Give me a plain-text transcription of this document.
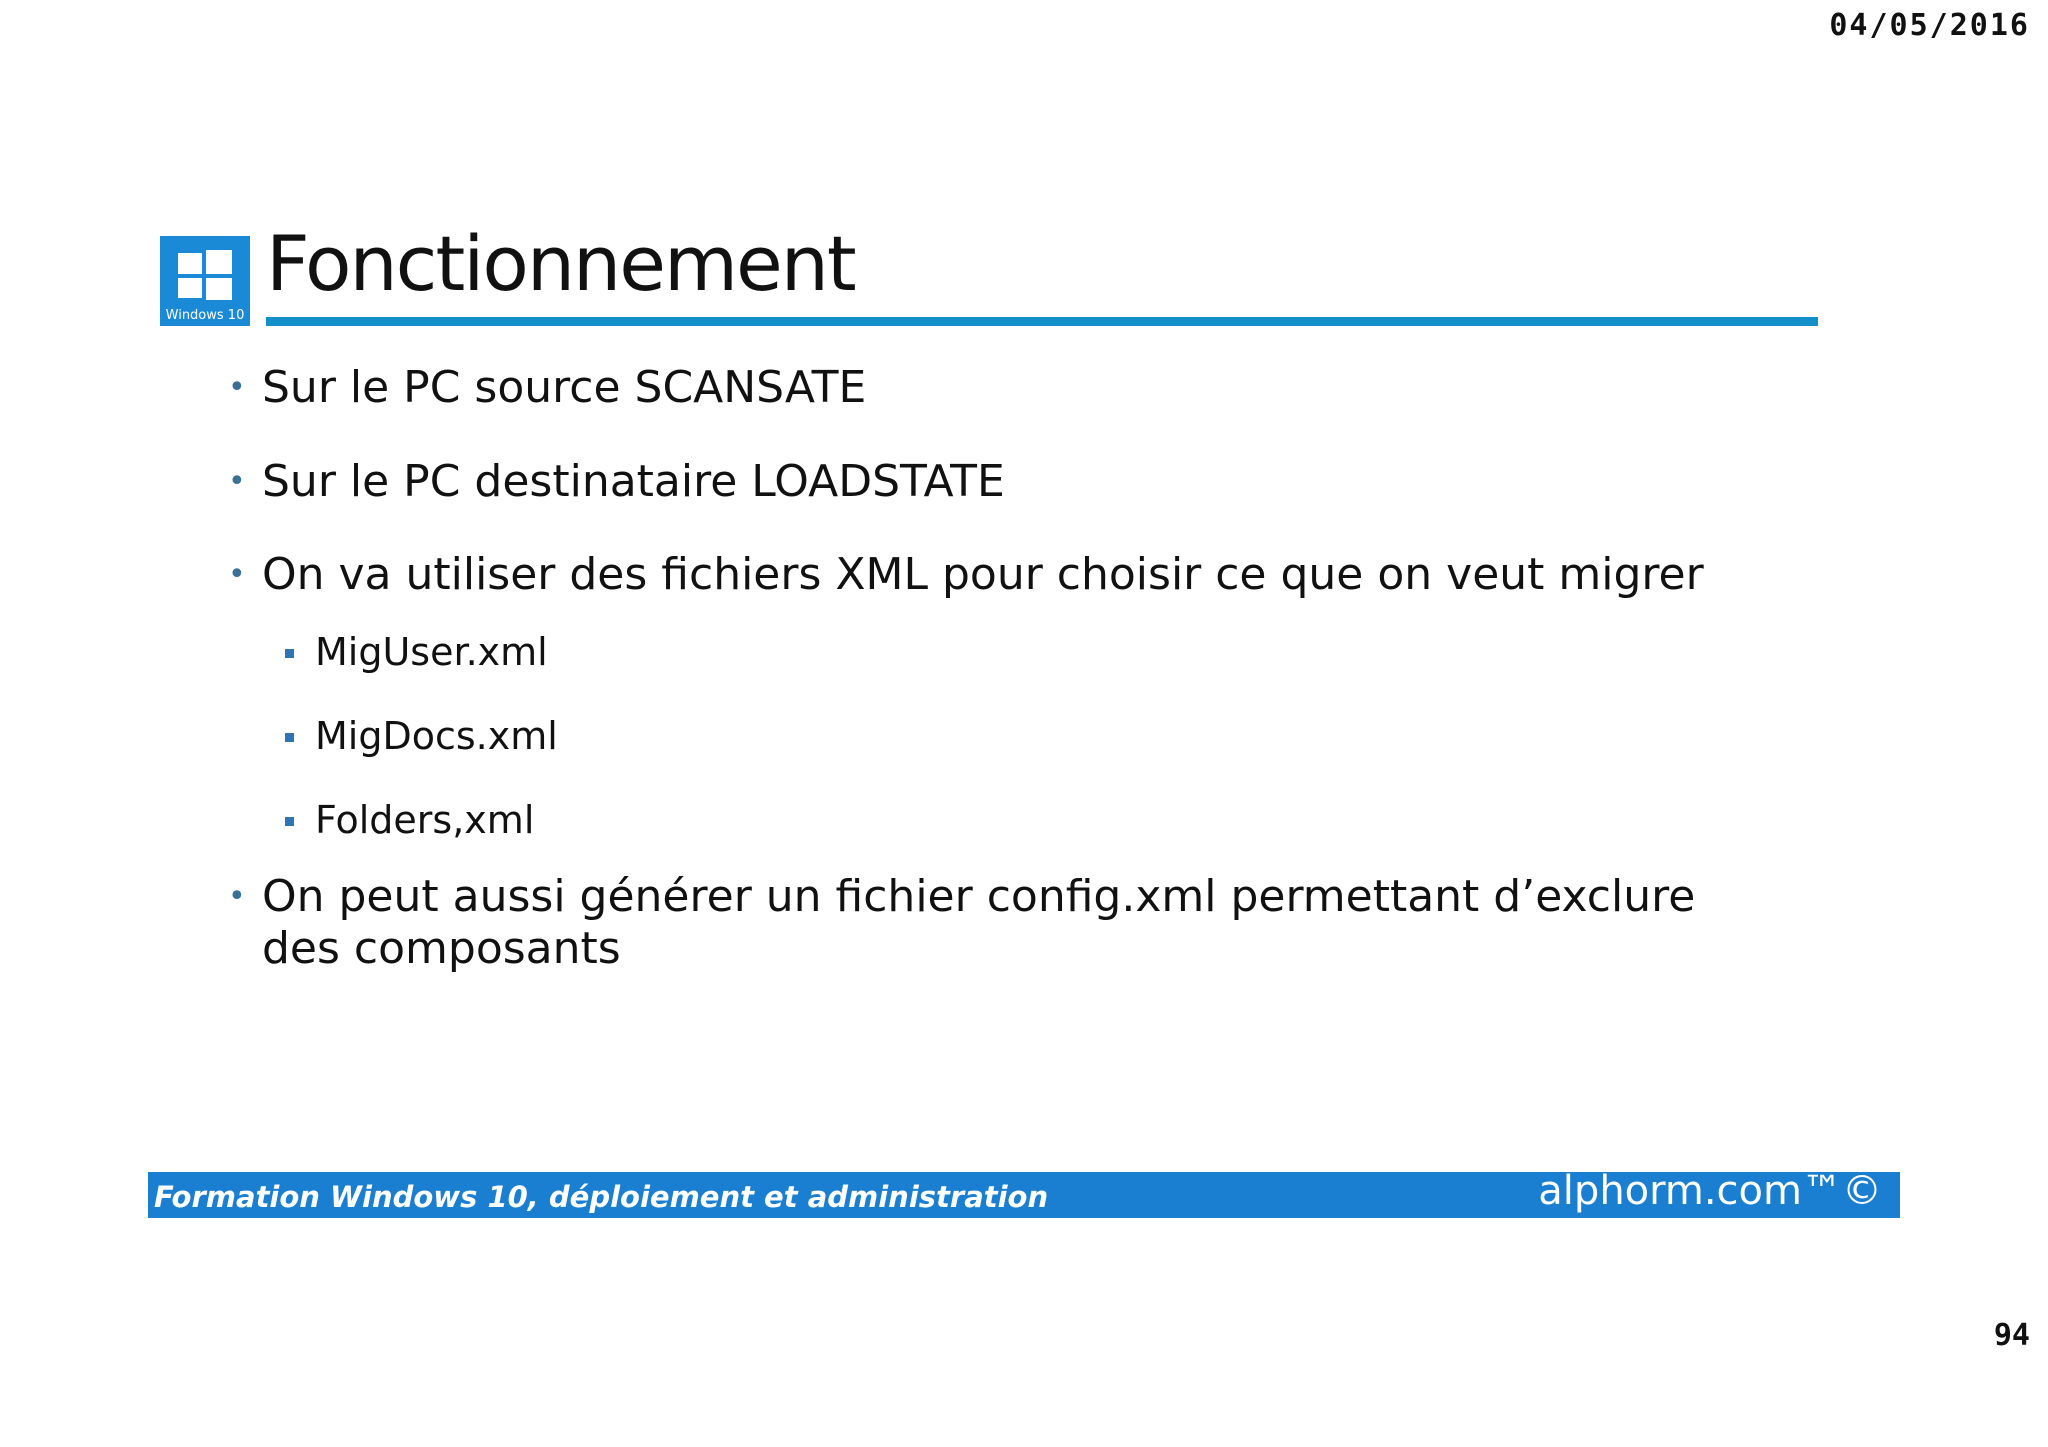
04/05/2016
Windows 10
Fonctionnement
• Sur le PC source SCANSATE
• Sur le PC destinataire LOADSTATE
• On va utiliser des fichiers XML pour choisir ce que on veut migrer
MigUser.xml
MigDocs.xml
Folders,xml
• On peut aussi générer un fichier config.xml permettant d’exclure des composants
Formation Windows 10, déploiement et administration	alphorm.com™©
94
